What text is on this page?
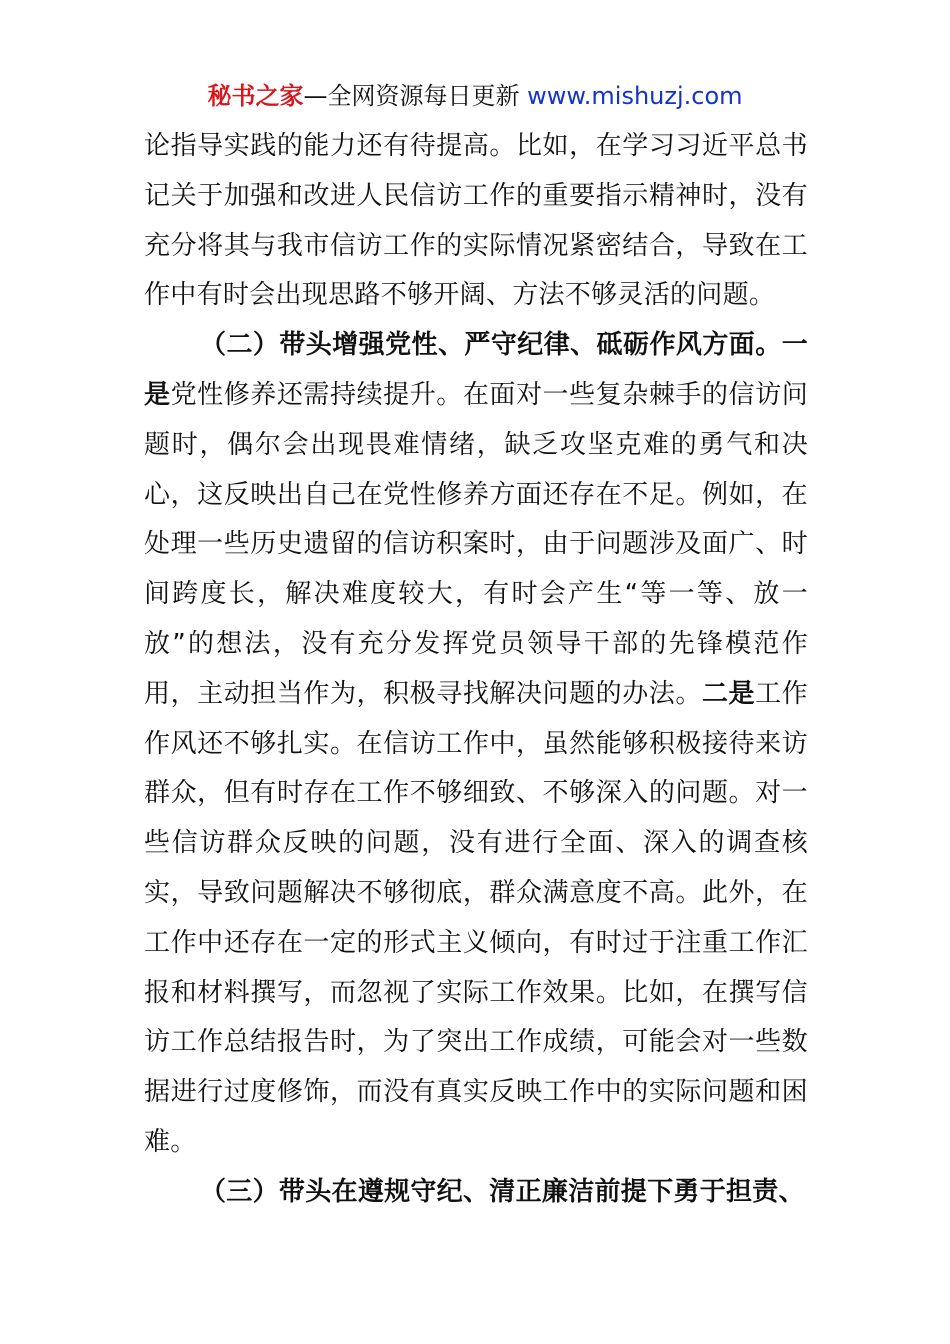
秘书之家—全网资源每日更新 www.mishuzj.com

论指导实践的能力还有待提高。比如，在学习习近平总书记关于加强和改进人民信访工作的重要指示精神时，没有充分将其与我市信访工作的实际情况紧密结合，导致在工作中有时会出现思路不够开阔、方法不够灵活的问题。

（二）带头增强党性、严守纪律、砥砺作风方面。一是党性修养还需持续提升。在面对一些复杂棘手的信访问题时，偶尔会出现畏难情绪，缺乏攻坚克难的勇气和决心，这反映出自己在党性修养方面还存在不足。例如，在处理一些历史遗留的信访积案时，由于问题涉及面广、时间跨度长，解决难度较大，有时会产生“等一等、放一放”的想法，没有充分发挥党员领导干部的先锋模范作用，主动担当作为，积极寻找解决问题的办法。二是工作作风还不够扎实。在信访工作中，虽然能够积极接待来访群众，但有时存在工作不够细致、不够深入的问题。对一些信访群众反映的问题，没有进行全面、深入的调查核实，导致问题解决不够彻底，群众满意度不高。此外，在工作中还存在一定的形式主义倾向，有时过于注重工作汇报和材料撰写，而忽视了实际工作效果。比如，在撰写信访工作总结报告时，为了突出工作成绩，可能会对一些数据进行过度修饰，而没有真实反映工作中的实际问题和困难。

（三）带头在遵规守纪、清正廉洁前提下勇于担责、
